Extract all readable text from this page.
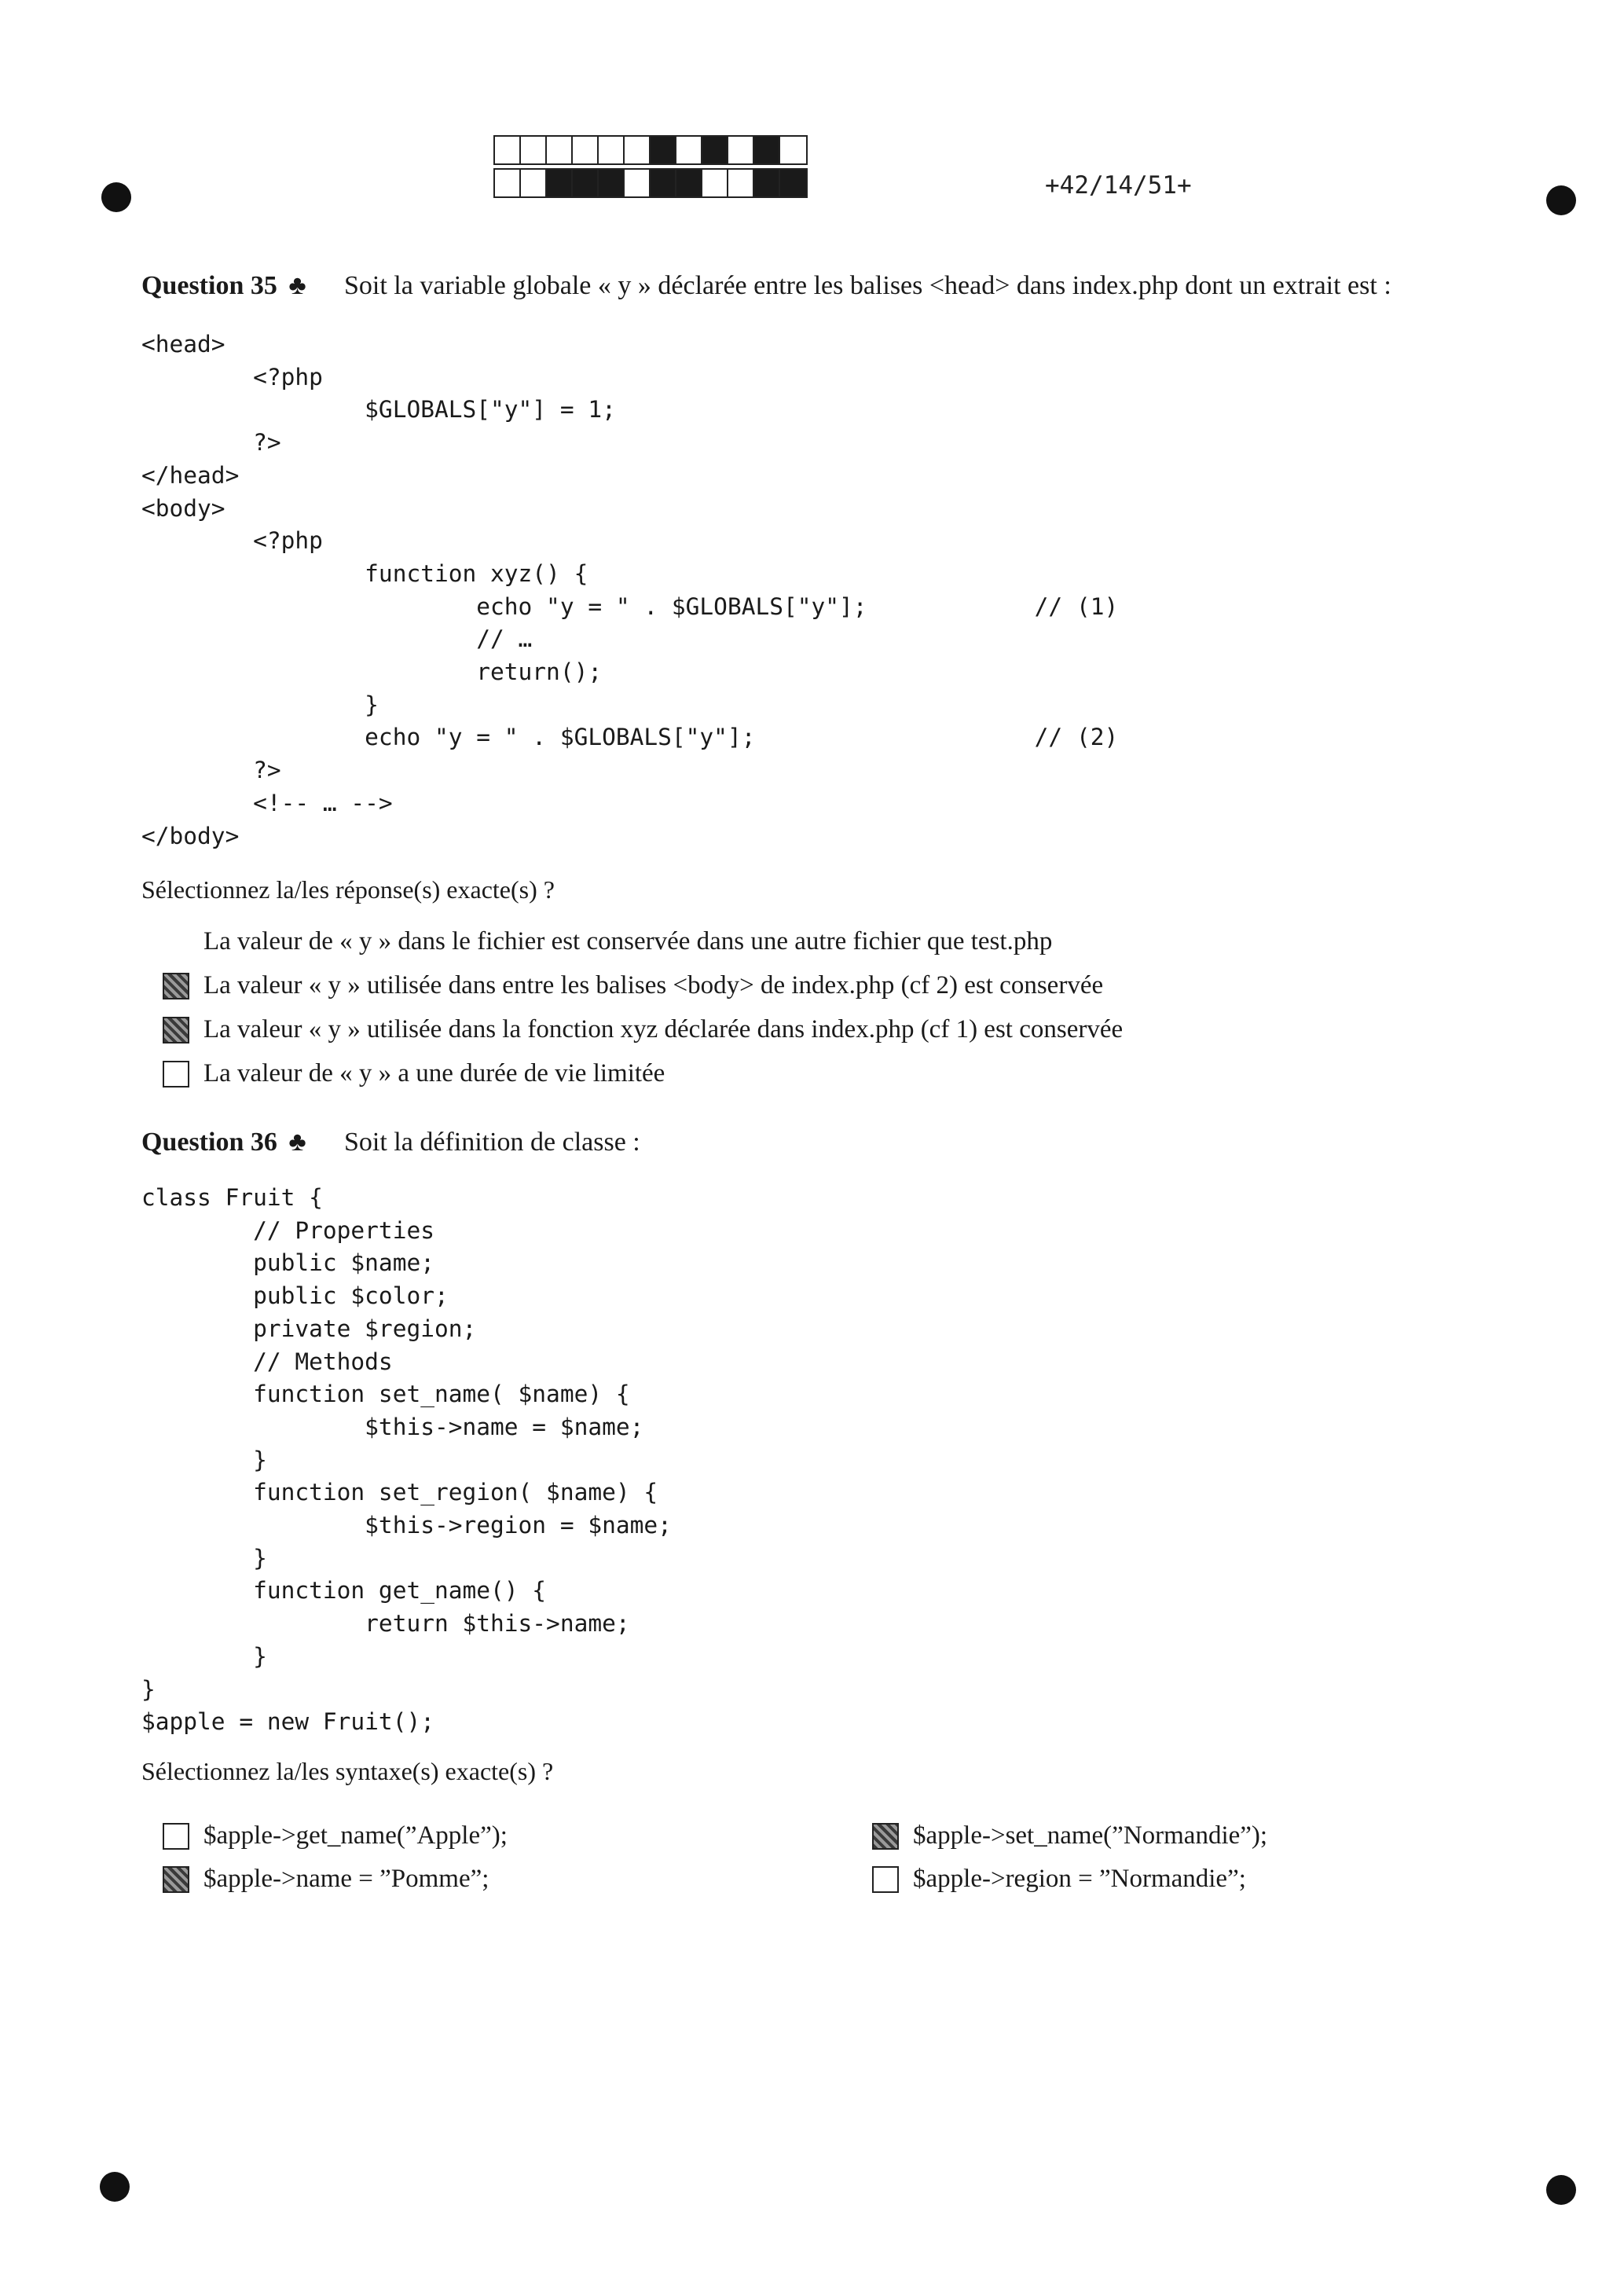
+42/14/51+
Question 35 ♣ Soit la variable globale « y » déclarée entre les balises <head> dans index.php dont un extrait est :
<head>
<?php
$GLOBALS["y"] = 1;
?>
</head>
<body>
<?php
function xyz() {
echo "y = " . $GLOBALS["y"];            // (1)
// …
return();
}
echo "y = " . $GLOBALS["y"];                    // (2)
?>
<!-- … -->
</body>
Sélectionnez la/les réponse(s) exacte(s) ?
La valeur de « y » dans le fichier est conservée dans une autre fichier que test.php
La valeur « y » utilisée dans entre les balises <body> de index.php (cf 2) est conservée
La valeur « y » utilisée dans la fonction xyz déclarée dans index.php (cf 1) est conservée
La valeur de « y » a une durée de vie limitée
Question 36 ♣ Soit la définition de classe :
class Fruit {
// Properties
public $name;
public $color;
private $region;
// Methods
function set_name( $name) {
$this->name = $name;
}
function set_region( $name) {
$this->region = $name;
}
function get_name() {
return $this->name;
}
}
$apple = new Fruit();
Sélectionnez la/les syntaxe(s) exacte(s) ?
$apple->get_name(”Apple”);	$apple->set_name(”Normandie”);
$apple->name = ”Pomme”;	$apple->region = ”Normandie”;
